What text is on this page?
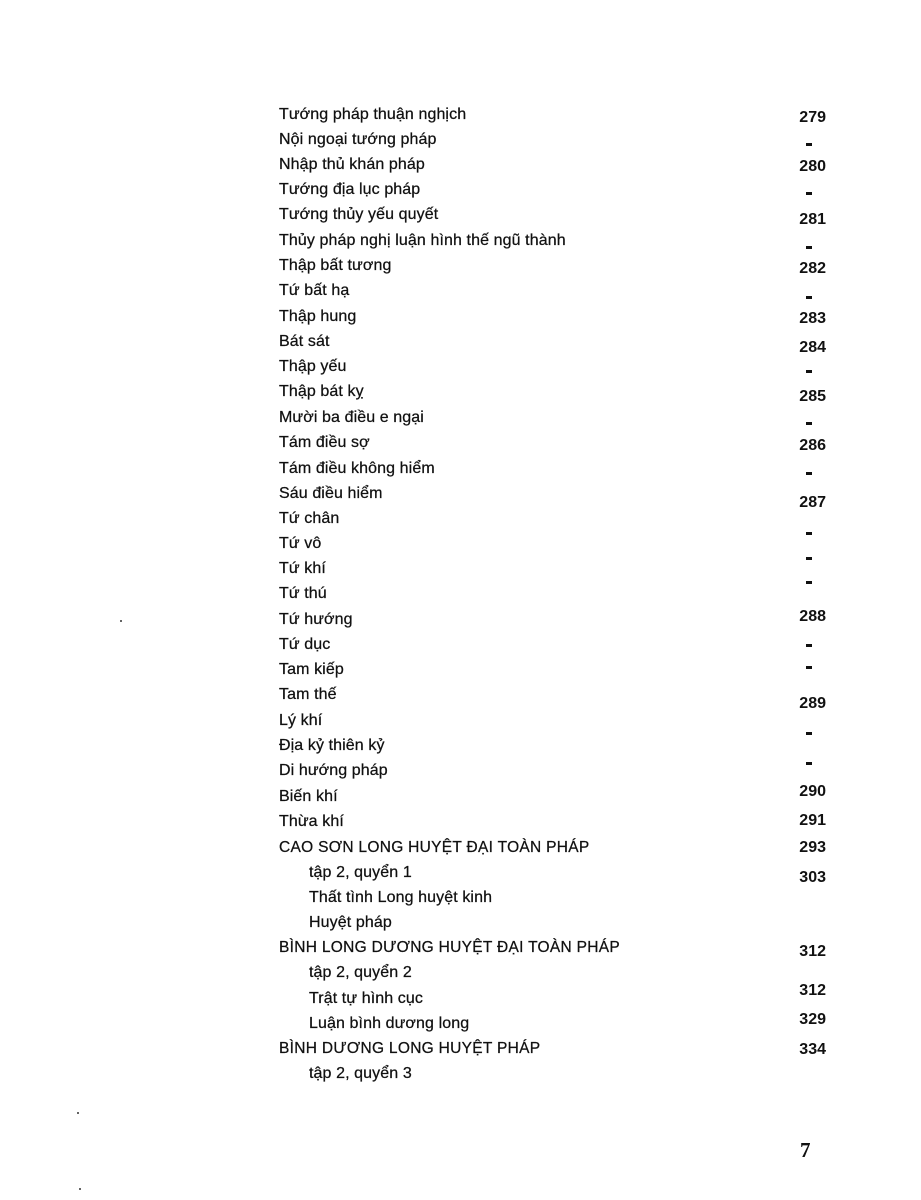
Tướng pháp thuận nghịch
Nội ngoại tướng pháp
Nhập thủ khán pháp
Tướng địa lục pháp
Tướng thủy yếu quyết
Thủy pháp nghị luận hình thế ngũ thành
Thập bất tương
Tứ bất hạ
Thập hung
Bát sát
Thập yếu
Thập bát kỵ
Mười ba điều e ngại
Tám điều sợ
Tám điều không hiểm
Sáu điều hiểm
Tứ chân
Tứ vô
Tứ khí
Tứ thú
Tứ hướng
Tứ dục
Tam kiếp
Tam thế
Lý khí
Địa kỷ thiên kỷ
Di hướng pháp
Biến khí
Thừa khí
CAO SƠN LONG HUYỆT ĐẠI TOÀN PHÁP
tập 2, quyển 1
Thất tình Long huyệt kinh
Huyệt pháp
BÌNH LONG DƯƠNG HUYỆT ĐẠI TOÀN PHÁP
tập 2, quyển 2
Trật tự hình cục
Luận bình dương long
BÌNH DƯƠNG LONG HUYỆT PHÁP
tập 2, quyển 3
279
280
281
282
283
284
285
286
287
288
289
290
291
293
303
312
312
329
334
7
